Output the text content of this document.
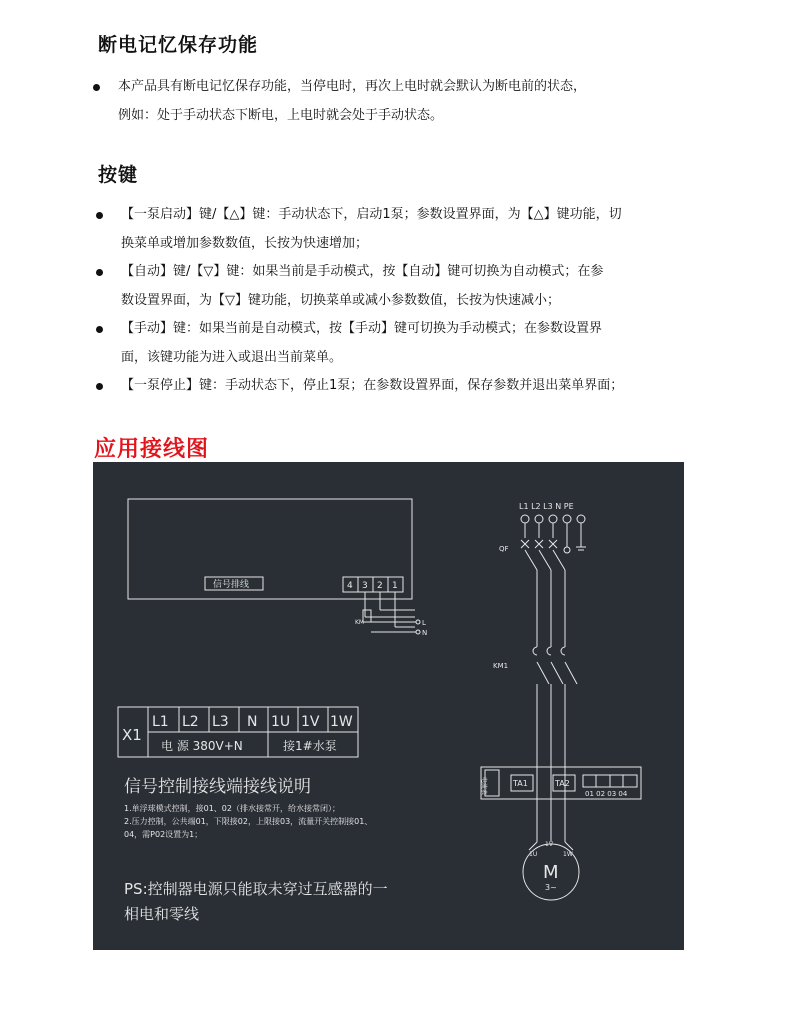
断电记忆保存功能
本产品具有断电记忆保存功能，当停电时，再次上电时就会默认为断电前的状态，
例如：处于手动状态下断电，上电时就会处于手动状态。
按键
【一泵启动】键/【△】键：手动状态下，启动1泵；参数设置界面，为【△】键功能，切
换菜单或增加参数数值，长按为快速增加；
【自动】键/【▽】键：如果当前是手动模式，按【自动】键可切换为自动模式；在参
数设置界面，为【▽】键功能，切换菜单或减小参数数值，长按为快速减小；
【手动】键：如果当前是自动模式，按【手动】键可切换为手动模式；在参数设置界
面，该键功能为进入或退出当前菜单。
【一泵停止】键：手动状态下，停止1泵；在参数设置界面，保存参数并退出菜单界面；
应用接线图
信号排线	4 3 2 1
KM	L
N
L1 L2 L3 N PE
QF
KM1
X1
L1 L2 L3 N 1U 1V 1W
电 源 380V+N	接1#水泵
电流表	TA1	TA2
01 02 03 04
1U
1V
1W
M
3~
信号控制接线端接线说明
1.单浮球模式控制，接01、02（排水接常开，给水接常闭）；
2.压力控制，公共端01，下限接02，上限接03，流量开关控制接01、
04，需P02设置为1；
PS:控制器电源只能取未穿过互感器的一
相电和零线
